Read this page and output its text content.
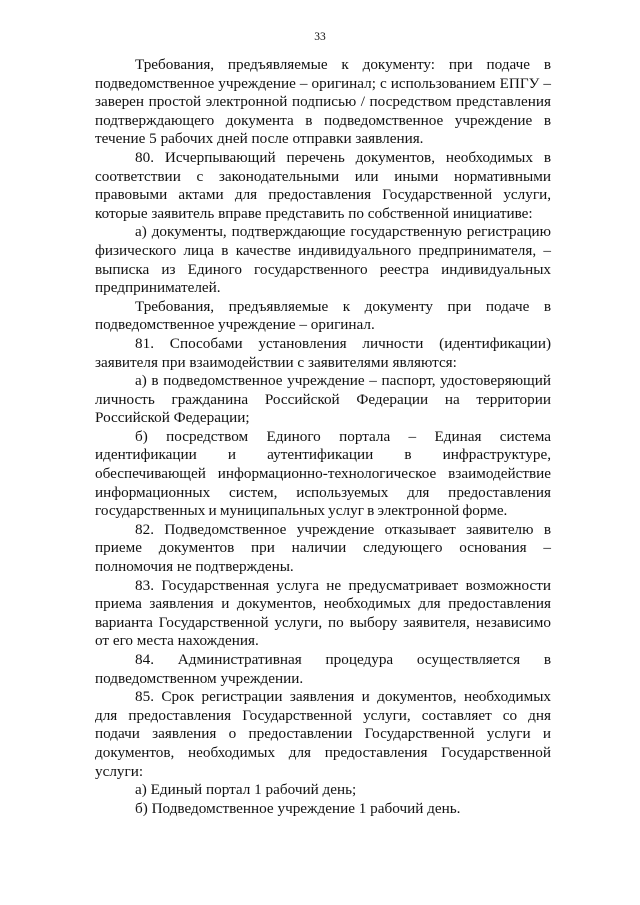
33

Требования, предъявляемые к документу: при подаче в подведомственное учреждение – оригинал; с использованием ЕПГУ – заверен простой электронной подписью / посредством представления подтверждающего документа в подведомственное учреждение в течение 5 рабочих дней после отправки заявления.

80. Исчерпывающий перечень документов, необходимых в соответствии с законодательными или иными нормативными правовыми актами для предоставления Государственной услуги, которые заявитель вправе представить по собственной инициативе:

а) документы, подтверждающие государственную регистрацию физического лица в качестве индивидуального предпринимателя, – выписка из Единого государственного реестра индивидуальных предпринимателей.

Требования, предъявляемые к документу при подаче в подведомственное учреждение – оригинал.

81. Способами установления личности (идентификации) заявителя при взаимодействии с заявителями являются:

а) в подведомственное учреждение – паспорт, удостоверяющий личность гражданина Российской Федерации на территории Российской Федерации;

б) посредством Единого портала – Единая система идентификации и аутентификации в инфраструктуре, обеспечивающей информационно-технологическое взаимодействие информационных систем, используемых для предоставления государственных и муниципальных услуг в электронной форме.

82. Подведомственное учреждение отказывает заявителю в приеме документов при наличии следующего основания – полномочия не подтверждены.

83. Государственная услуга не предусматривает возможности приема заявления и документов, необходимых для предоставления варианта Государственной услуги, по выбору заявителя, независимо от его места нахождения.

84. Административная процедура осуществляется в подведомственном учреждении.

85. Срок регистрации заявления и документов, необходимых для предоставления Государственной услуги, составляет со дня подачи заявления о предоставлении Государственной услуги и документов, необходимых для предоставления Государственной услуги:

а) Единый портал 1 рабочий день;

б) Подведомственное учреждение 1 рабочий день.
